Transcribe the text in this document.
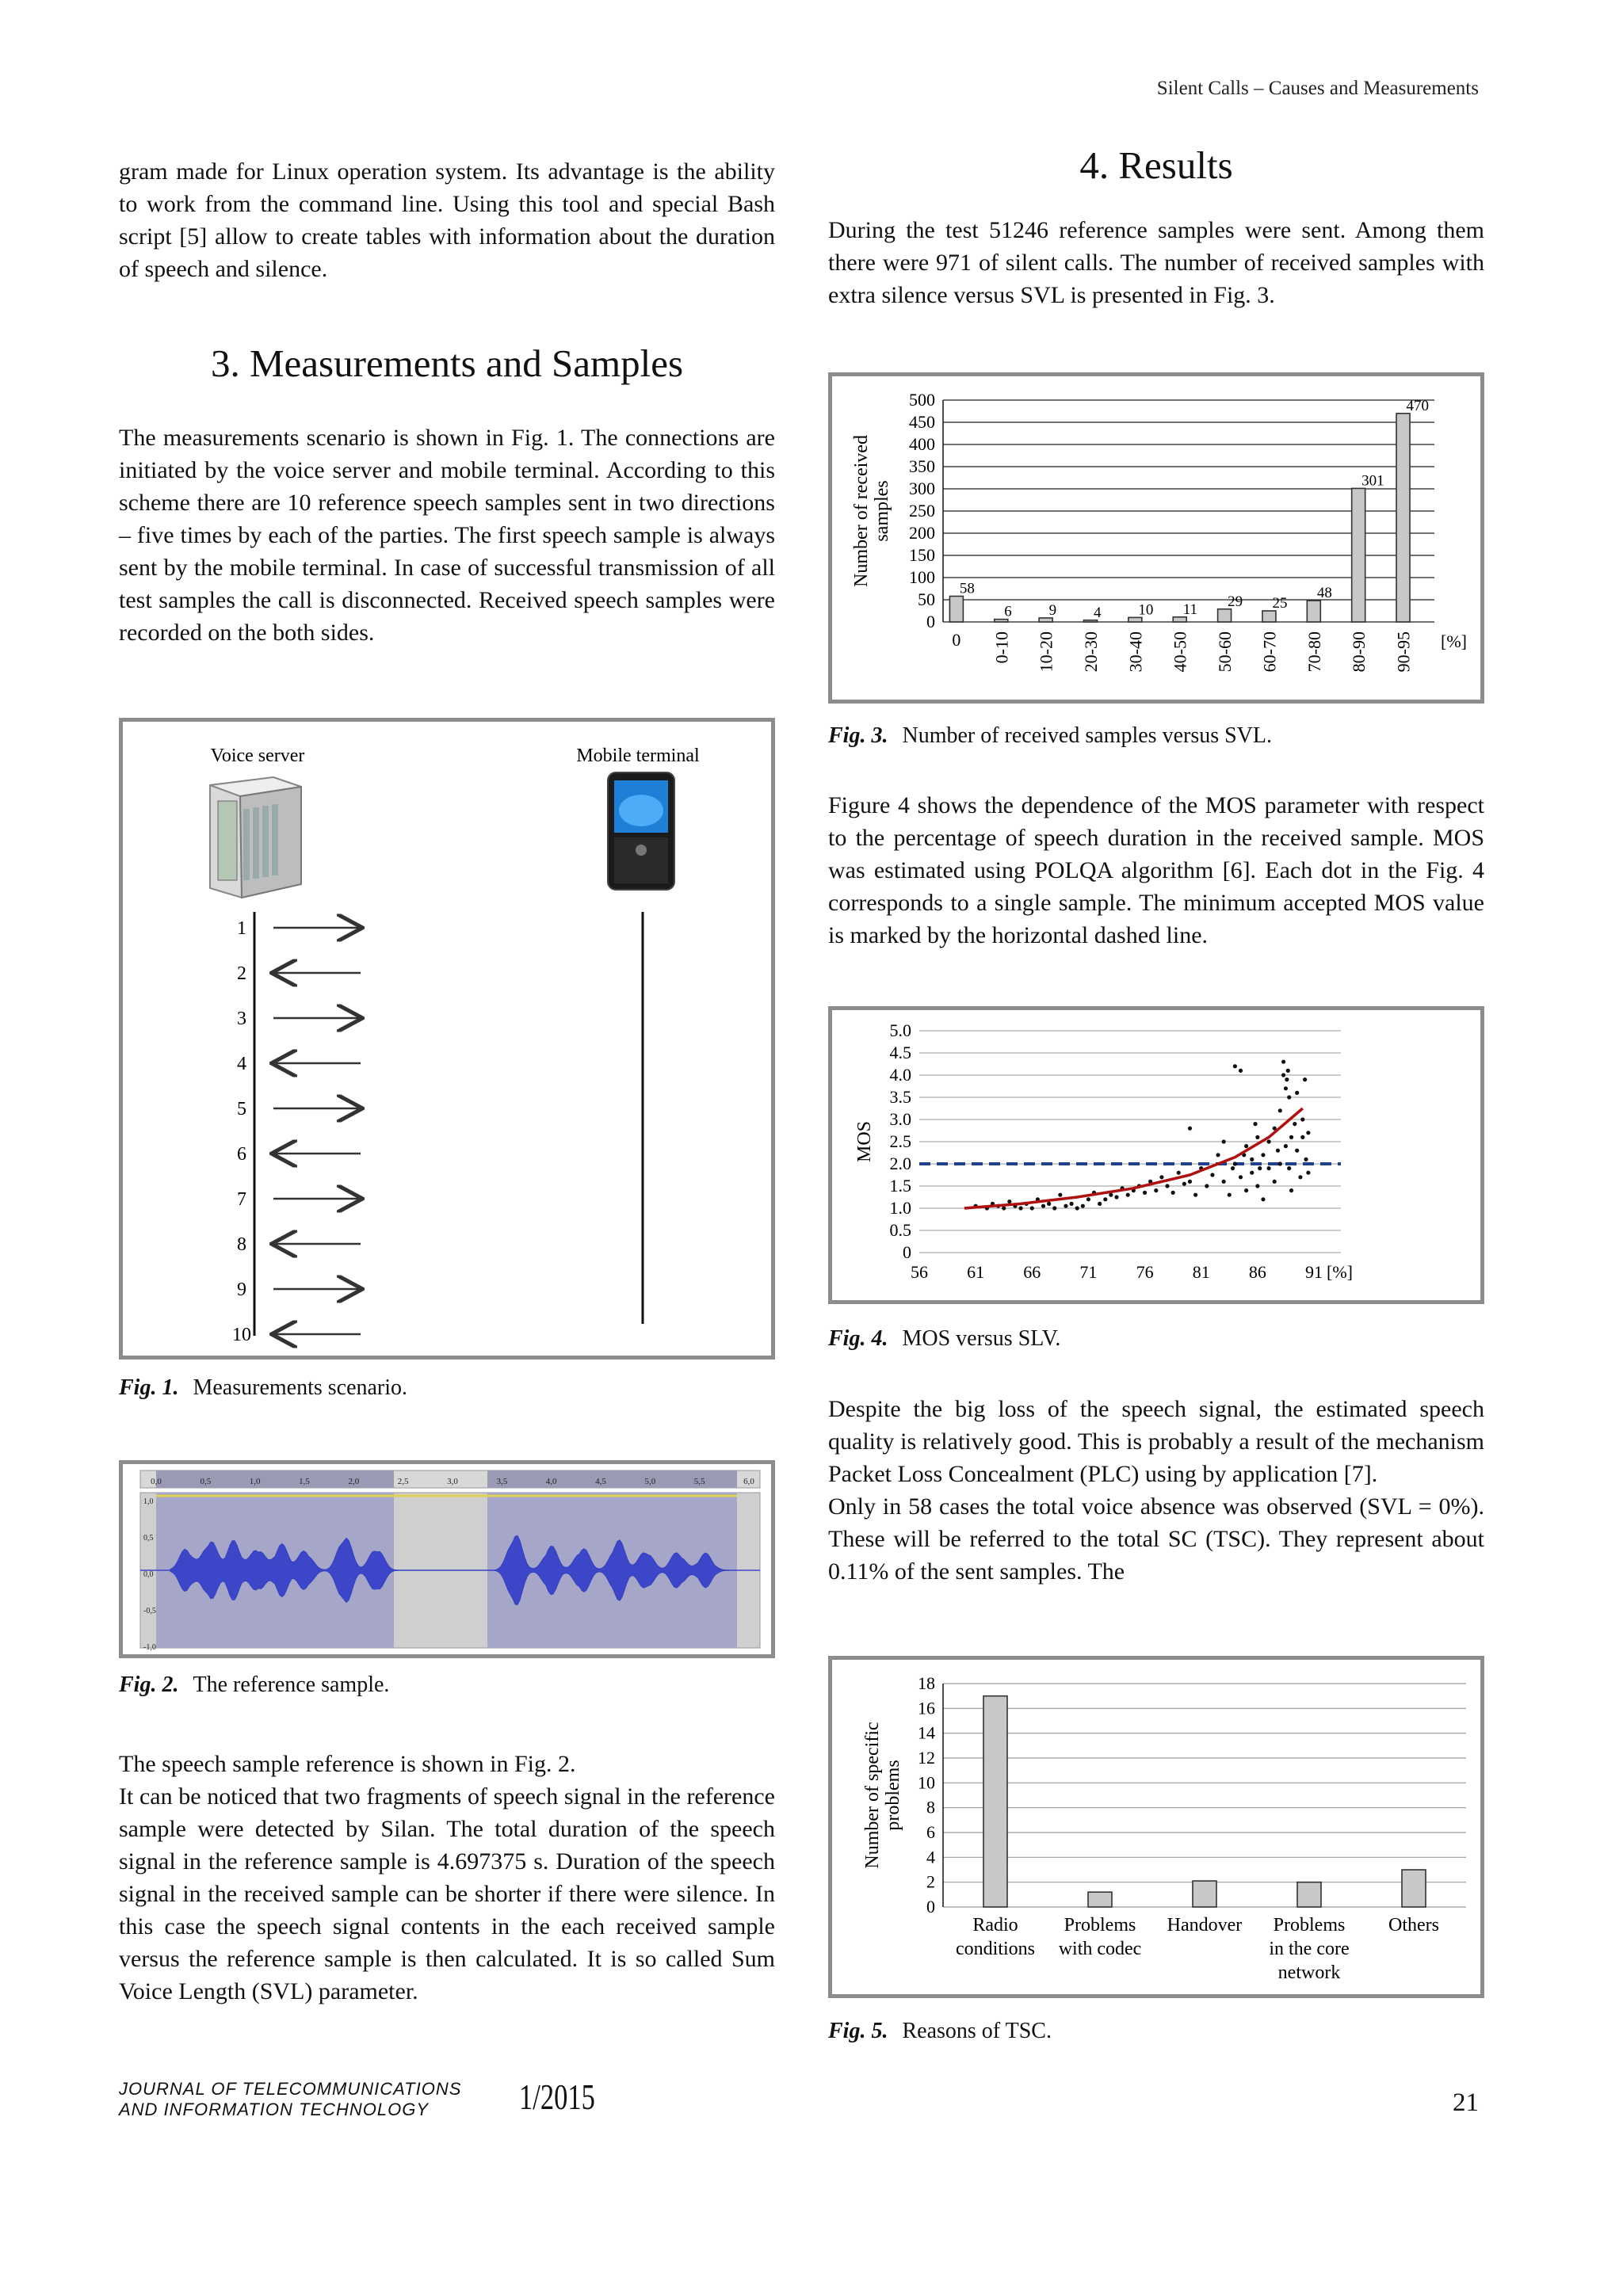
Silent Calls – Causes and Measurements
gram made for Linux operation system. Its advantage is the ability to work from the command line. Using this tool and special Bash script [5] allow to create tables with information about the duration of speech and silence.
3. Measurements and Samples
The measurements scenario is shown in Fig. 1. The connections are initiated by the voice server and mobile terminal. According to this scheme there are 10 reference speech samples sent in two directions – five times by each of the parties. The first speech sample is always sent by the mobile terminal. In case of successful transmission of all test samples the call is disconnected. Received speech samples were recorded on the both sides.
Voice server	Mobile terminal
1
2
3
4
5
6
7
8
9
10
Fig. 1. Measurements scenario.
0,0	0,5	1,0	1,5	2,0	2,5	3,0	3,5	4,0	4,5	5,0	5,5	6,0
1,0
0,5
0,0
-0,5
-1,0
Fig. 2. The reference sample.

The speech sample reference is shown in Fig. 2.

It can be noticed that two fragments of speech signal in the reference sample were detected by Silan. The total duration of the speech signal in the reference sample is 4.697375 s. Duration of the speech signal in the received sample can be shorter if there were silence. In this case the speech signal contents in the each received sample versus the reference sample is then calculated. It is so called Sum Voice Length (SVL) parameter.

4. Results
During the test 51246 reference samples were sent. Among them there were 971 of silent calls. The number of received samples with extra silence versus SVL is presented in Fig. 3.
0
50
100
150
200
250
300
350
400
450
500
Number of receivedsamples
58
0
6
0-10
9
10-20
4
20-30
10
30-40
11
40-50
29
50-60
25
60-70
48
70-80
301
80-90
470
90-95 [%]
Fig. 3. Number of received samples versus SVL.
Figure 4 shows the dependence of the MOS parameter with respect to the percentage of speech duration in the received sample. MOS was estimated using POLQA algorithm [6]. Each dot in the Fig. 4 corresponds to a single sample. The minimum accepted MOS value is marked by the horizontal dashed line.
0
0.5
1.0
1.5
2.0
2.5
3.0
3.5
4.0
4.5
5.0
56 61 66 71 76 81 86 91 [%]
MOS
Fig. 4. MOS versus SLV.

Despite the big loss of the speech signal, the estimated speech quality is relatively good. This is probably a result of the mechanism Packet Loss Concealment (PLC) using by application [7].

Only in 58 cases the total voice absence was observed (SVL = 0%). These will be referred to the total SC (TSC). They represent about 0.11% of the sent samples. The

0
2
4
6
8
10
12
14
16
18
Number of specificproblems
Radio conditions
Problems with codec
Handover Problems in the core network
Others
Fig. 5. Reasons of TSC.
JOURNAL OF TELECOMMUNICATIONS
AND INFORMATION TECHNOLOGY	1/2015	21
